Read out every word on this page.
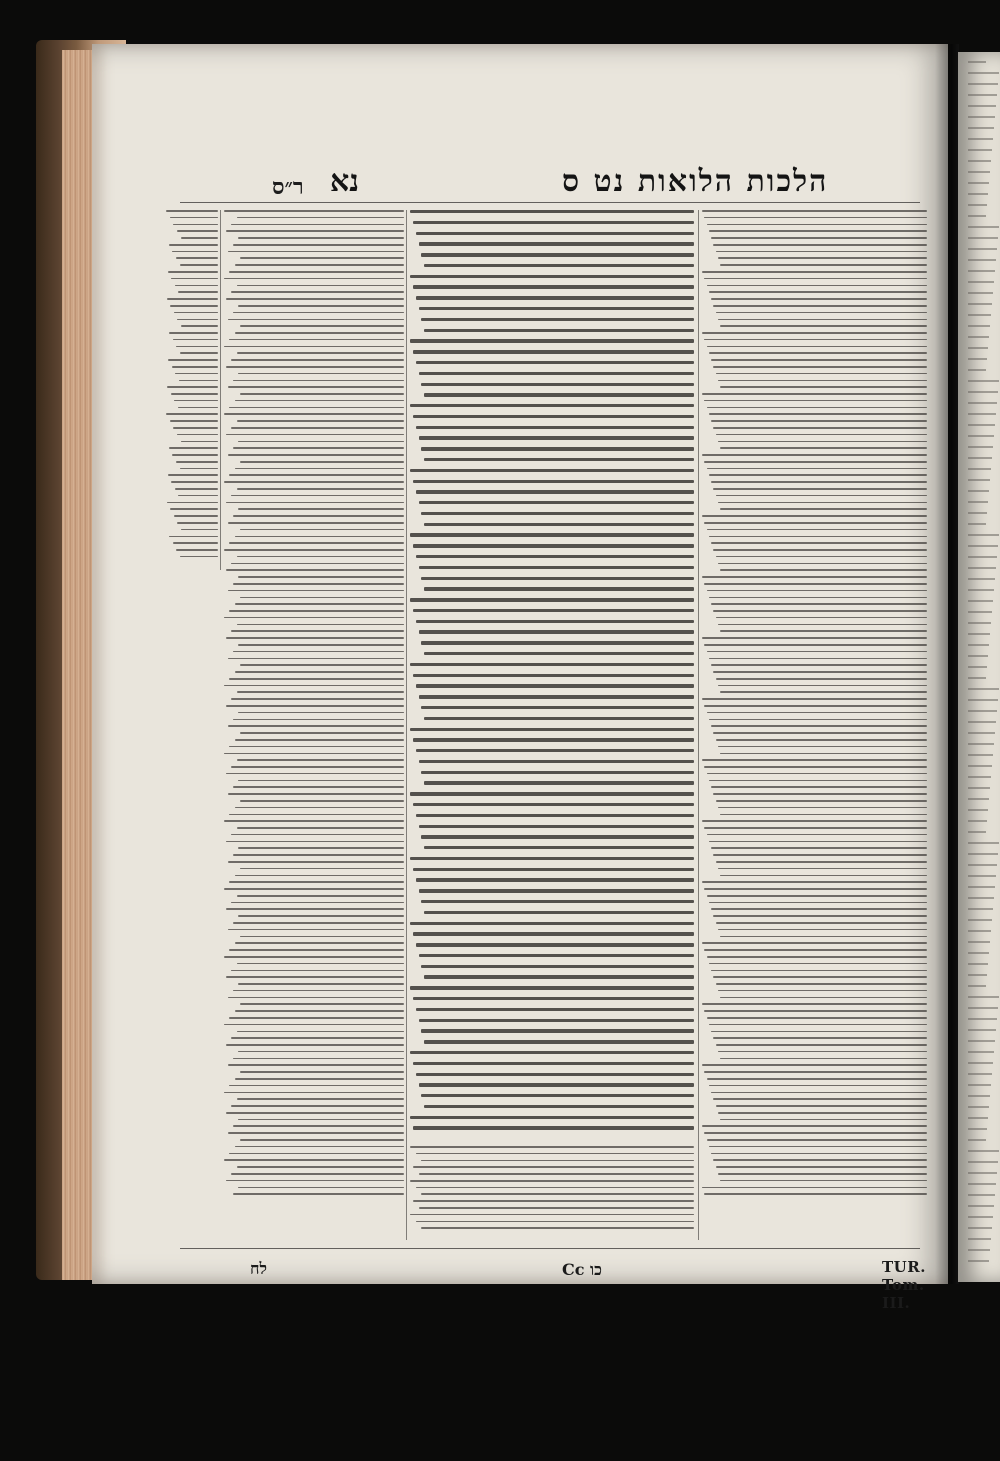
ר״ס נא	הלכות הלואות נט ס
לח	Cc כו	TUR. Tom. III.
